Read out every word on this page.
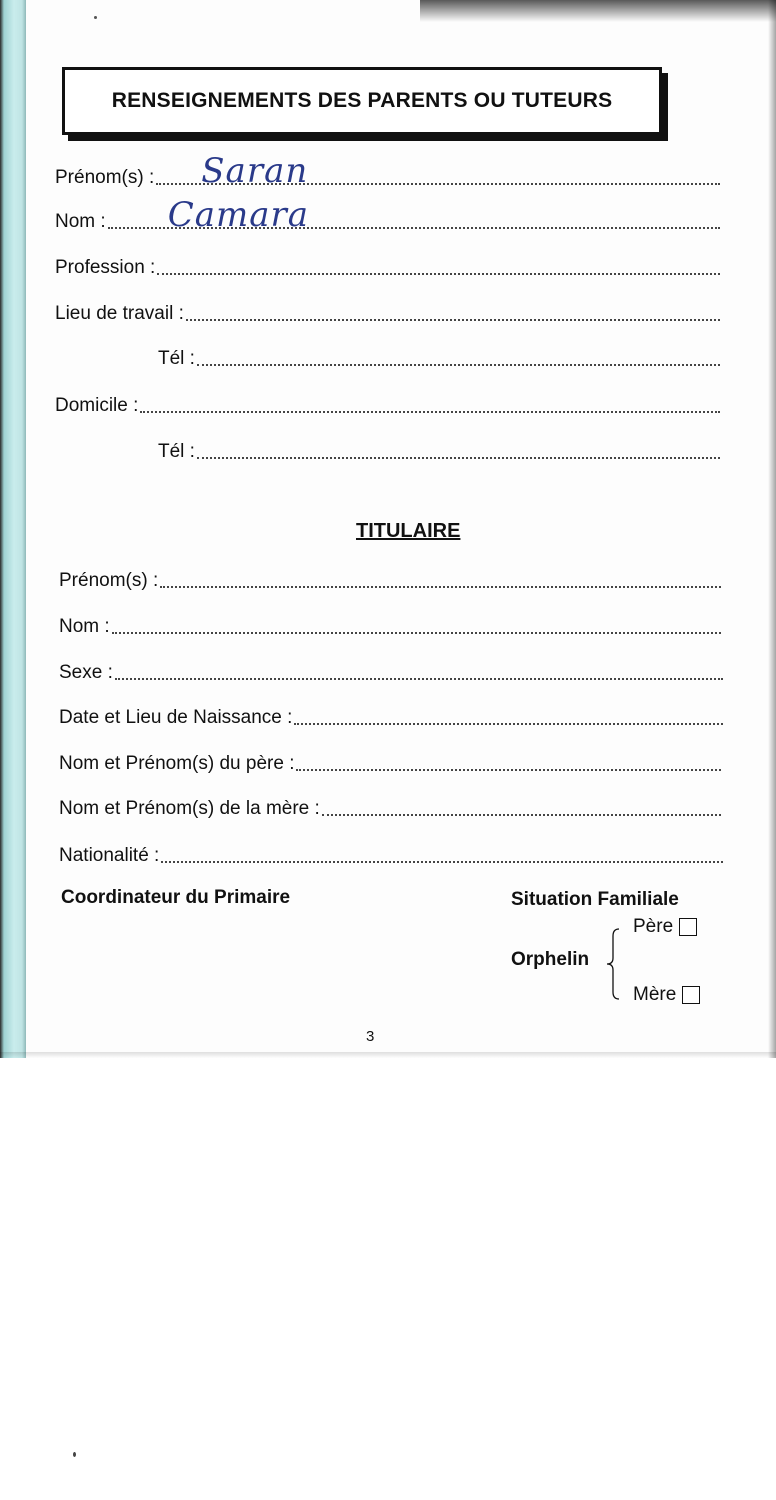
RENSEIGNEMENTS DES PARENTS OU TUTEURS
Prénom(s) : Saran
Nom : Camara
Profession :
Lieu de travail :
Tél :
Domicile :
Tél :
TITULAIRE
Prénom(s) :
Nom :
Sexe :
Date et Lieu de Naissance :
Nom et Prénom(s) du père :
Nom et Prénom(s) de la mère :
Nationalité :
Coordinateur du Primaire	Situation Familiale
Orphelin
Père
Mère
3
